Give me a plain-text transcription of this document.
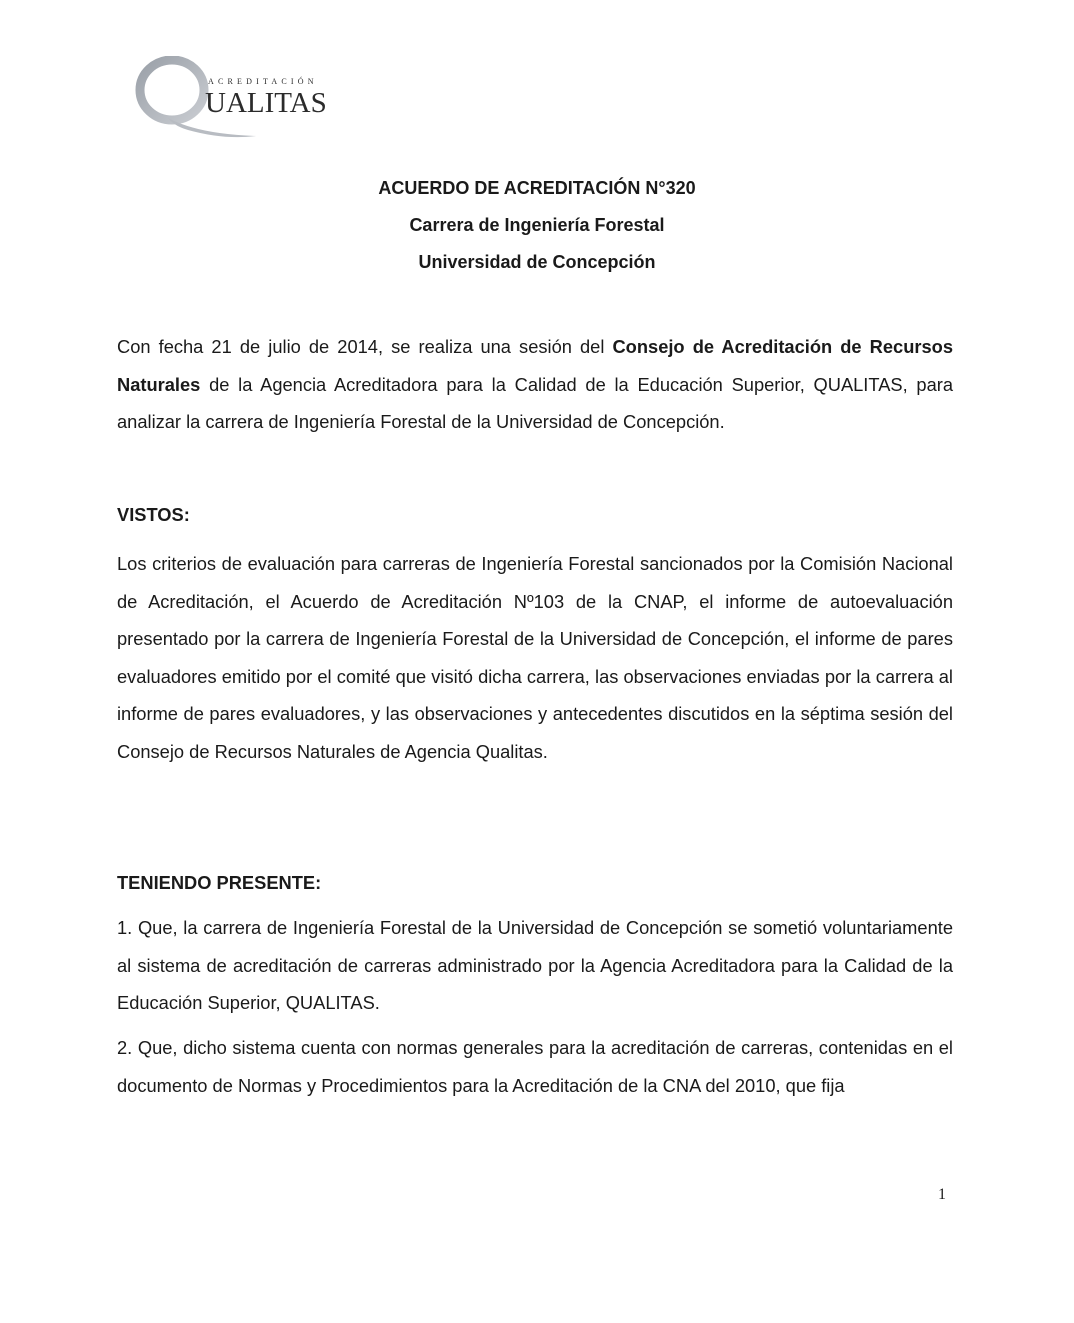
ACREDITACIÓN
UALITAS
ACUERDO DE ACREDITACIÓN N°320
Carrera de Ingeniería Forestal
Universidad de Concepción

Con fecha 21 de julio de 2014, se realiza una sesión del Consejo de Acreditación de Recursos Naturales de la Agencia Acreditadora para la Calidad de la Educación Superior, QUALITAS, para analizar la carrera de Ingeniería Forestal de la Universidad de Concepción.

VISTOS:

Los criterios de evaluación para carreras de Ingeniería Forestal sancionados por la Comisión Nacional de Acreditación, el Acuerdo de Acreditación Nº103 de la CNAP, el informe de autoevaluación presentado por la carrera de Ingeniería Forestal de la Universidad de Concepción, el informe de pares evaluadores emitido por el comité que visitó dicha carrera, las observaciones enviadas por la carrera al informe de pares evaluadores, y las observaciones y antecedentes discutidos en la séptima sesión del Consejo de Recursos Naturales de Agencia Qualitas.

TENIENDO PRESENTE:

1. Que, la carrera de Ingeniería Forestal de la Universidad de Concepción se sometió voluntariamente al sistema de acreditación de carreras administrado por la Agencia Acreditadora para la Calidad de la Educación Superior, QUALITAS.

2. Que, dicho sistema cuenta con normas generales para la acreditación de carreras, contenidas en el documento de Normas y Procedimientos para la Acreditación de la CNA del 2010, que fija

1
